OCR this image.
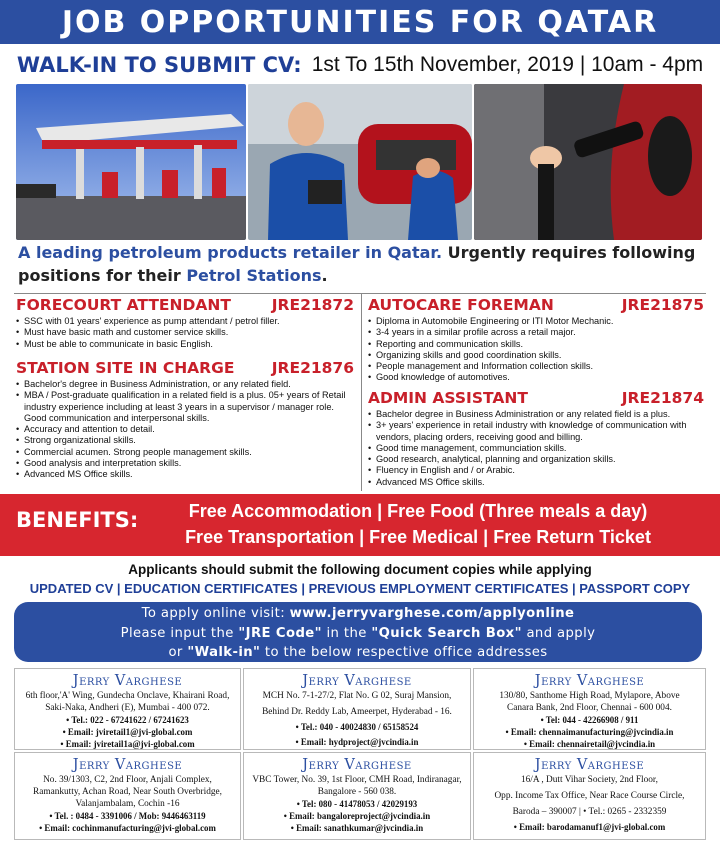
JOB OPPORTUNITIES FOR QATAR
WALK-IN TO SUBMIT CV: 1st To 15th November, 2019 | 10am - 4pm
A leading petroleum products retailer in Qatar. Urgently requires following positions for their Petrol Stations.
FORECOURT ATTENDANT	JRE21872
• SSC with 01 years' experience as pump attendant / petrol filler.
• Must have basic math and customer service skills.
• Must be able to communicate in basic English.
STATION SITE IN CHARGE JRE21876
• Bachelor's degree in Business Administration, or any related field.
• MBA / Post-graduate qualification in a related field is a plus. 05+ years of Retail industry experience including at least 3 years in a supervisor / manager role. Good communication and interpersonal skills.
• Accuracy and attention to detail.
• Strong organizational skills.
• Commercial acumen. Strong people management skills.
• Good analysis and interpretation skills.
• Advanced MS Office skills.
AUTOCARE FOREMAN	JRE21875
• Diploma in Automobile Engineering or ITI Motor Mechanic.
• 3-4 years in a similar profile across a retail major.
• Reporting and communication skills.
• Organizing skills and good coordination skills.
• People management and Information collection skills.
• Good knowledge of automotives.
ADMIN ASSISTANT	JRE21874
• Bachelor degree in Business Administration or any related field is a plus.
• 3+ years' experience in retail industry with knowledge of communication with vendors, placing orders, receiving good and billing.
• Good time management, communciation skills.
• Good research, analytical, planning and organization skills.
• Fluency in English and / or Arabic.
• Advanced MS Office skills.
BENEFITS:	Free Accommodation | Free Food (Three meals a day)
Free Transportation | Free Medical | Free Return Ticket
Applicants should submit the following document copies while applying
UPDATED CV | EDUCATION CERTIFICATES | PREVIOUS EMPLOYMENT CERTIFICATES | PASSPORT COPY
To apply online visit: www.jerryvarghese.com/applyonline
Please input the "JRE Code" in the "Quick Search Box" and apply
or "Walk-in" to the below respective office addresses
Jerry Varghese
6th floor,'A' Wing, Gundecha Onclave, Khairani Road,
Saki-Naka, Andheri (E), Mumbai - 400 072.
• Tel.: 022 - 67241622 / 67241623
• Email: jviretail1@jvi-global.com
• Email: jviretail1a@jvi-global.com
Jerry Varghese
MCH No. 7-1-27/2, Flat No. G 02, Suraj Mansion,
Behind Dr. Reddy Lab, Ameerpet, Hyderabad - 16.
• Tel.: 040 - 40024830 / 65158524
• Email: hydproject@jvcindia.in
Jerry Varghese
130/80, Santhome High Road, Mylapore, Above
Canara Bank, 2nd Floor, Chennai - 600 004.
• Tel: 044 - 42266908 / 911
• Email: chennaimanufacturing@jvcindia.in
• Email: chennairetail@jvcindia.in
Jerry Varghese
No. 39/1303, C2, 2nd Floor, Anjali Complex,
Ramankutty, Achan Road, Near South Overbridge,
Valanjambalam, Cochin -16
• Tel. : 0484 - 3391006 / Mob: 9446463119
• Email: cochinmanufacturing@jvi-global.com
Jerry Varghese
VBC Tower, No. 39, 1st Floor, CMH Road, Indiranagar,
Bangalore - 560 038.
• Tel: 080 - 41478053 / 42029193
• Email: bangaloreproject@jvcindia.in
• Email: sanathkumar@jvcindia.in
Jerry Varghese
16/A , Dutt Vihar Society, 2nd Floor,
Opp. Income Tax Office, Near Race Course Circle,
Baroda – 390007 | • Tel.: 0265 - 2332359
• Email: barodamanuf1@jvi-global.com
